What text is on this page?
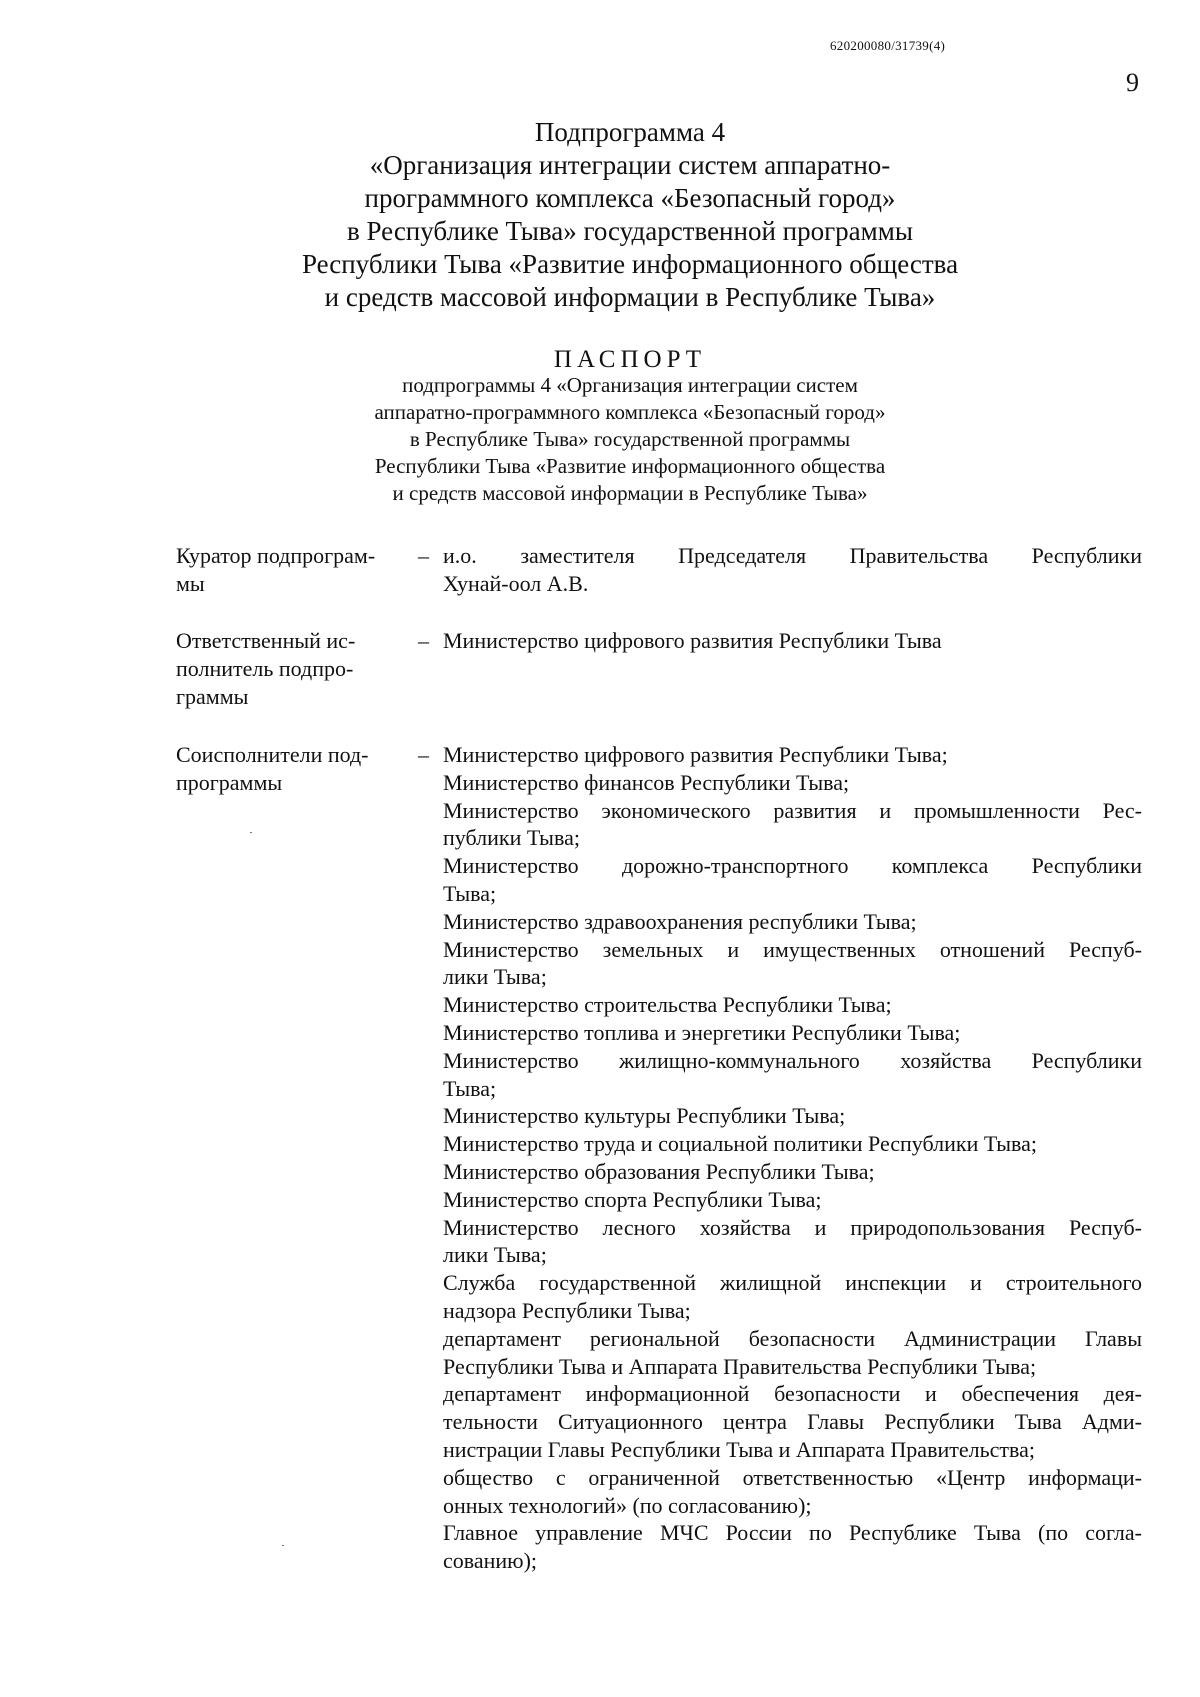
620200080/31739(4)
9
Подпрограмма 4
«Организация интеграции систем аппаратно-
программного комплекса «Безопасный город»
в Республике Тыва» государственной программы
Республики Тыва «Развитие информационного общества
и средств массовой информации в Республике Тыва»
ПАСПОРТ
подпрограммы 4 «Организация интеграции систем
аппаратно-программного комплекса «Безопасный город»
в Республике Тыва» государственной программы
Республики Тыва «Развитие информационного общества
и средств массовой информации в Республике Тыва»
Куратор подпрограм-
мы
– и.о. заместителя Председателя Правительства Республики
Хунай-оол А.В.
Ответственный ис-
полнитель подпро-
граммы
– Министерство цифрового развития Республики Тыва
Соисполнители под-
программы
– Министерство цифрового развития Республики Тыва;
Министерство финансов Республики Тыва;
Министерство экономического развития и промышленности Рес-
публики Тыва;
Министерство дорожно-транспортного комплекса Республики
Тыва;
Министерство здравоохранения республики Тыва;
Министерство земельных и имущественных отношений Респуб-
лики Тыва;
Министерство строительства Республики Тыва;
Министерство топлива и энергетики Республики Тыва;
Министерство жилищно-коммунального хозяйства Республики
Тыва;
Министерство культуры Республики Тыва;
Министерство труда и социальной политики Республики Тыва;
Министерство образования Республики Тыва;
Министерство спорта Республики Тыва;
Министерство лесного хозяйства и природопользования Респуб-
лики Тыва;
Служба государственной жилищной инспекции и строительного
надзора Республики Тыва;
департамент региональной безопасности Администрации Главы
Республики Тыва и Аппарата Правительства Республики Тыва;
департамент информационной безопасности и обеспечения дея-
тельности Ситуационного центра Главы Республики Тыва Адми-
нистрации Главы Республики Тыва и Аппарата Правительства;
общество с ограниченной ответственностью «Центр информаци-
онных технологий» (по согласованию);
Главное управление МЧС России по Республике Тыва (по согла-
сованию);
